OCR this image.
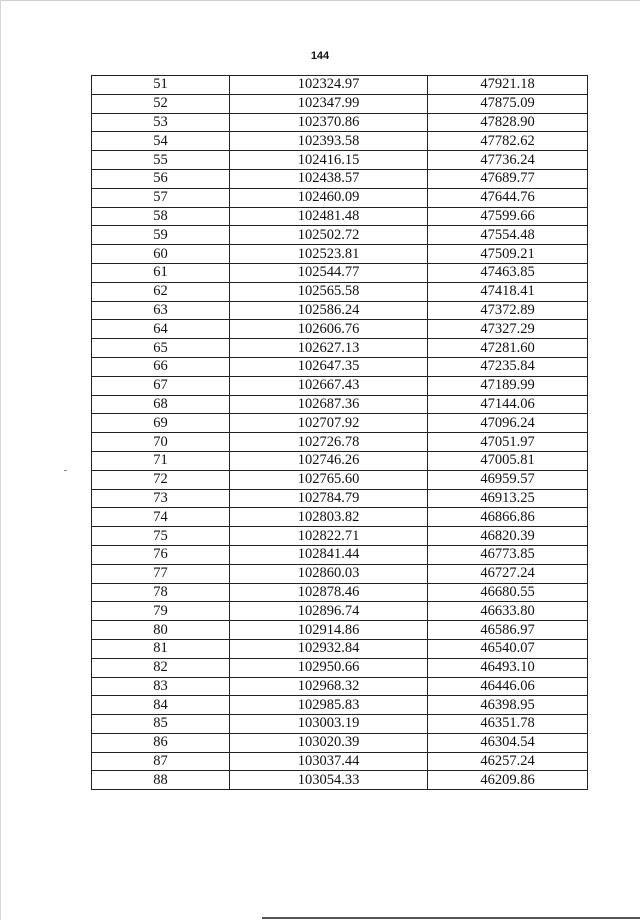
144
51	102324.97	47921.18
52	102347.99	47875.09
53	102370.86	47828.90
54	102393.58	47782.62
55	102416.15	47736.24
56	102438.57	47689.77
57	102460.09	47644.76
58	102481.48	47599.66
59	102502.72	47554.48
60	102523.81	47509.21
61	102544.77	47463.85
62	102565.58	47418.41
63	102586.24	47372.89
64	102606.76	47327.29
65	102627.13	47281.60
66	102647.35	47235.84
67	102667.43	47189.99
68	102687.36	47144.06
69	102707.92	47096.24
70	102726.78	47051.97
71	102746.26	47005.81
72	102765.60	46959.57
73	102784.79	46913.25
74	102803.82	46866.86
75	102822.71	46820.39
76	102841.44	46773.85
77	102860.03	46727.24
78	102878.46	46680.55
79	102896.74	46633.80
80	102914.86	46586.97
81	102932.84	46540.07
82	102950.66	46493.10
83	102968.32	46446.06
84	102985.83	46398.95
85	103003.19	46351.78
86	103020.39	46304.54
87	103037.44	46257.24
88	103054.33	46209.86
